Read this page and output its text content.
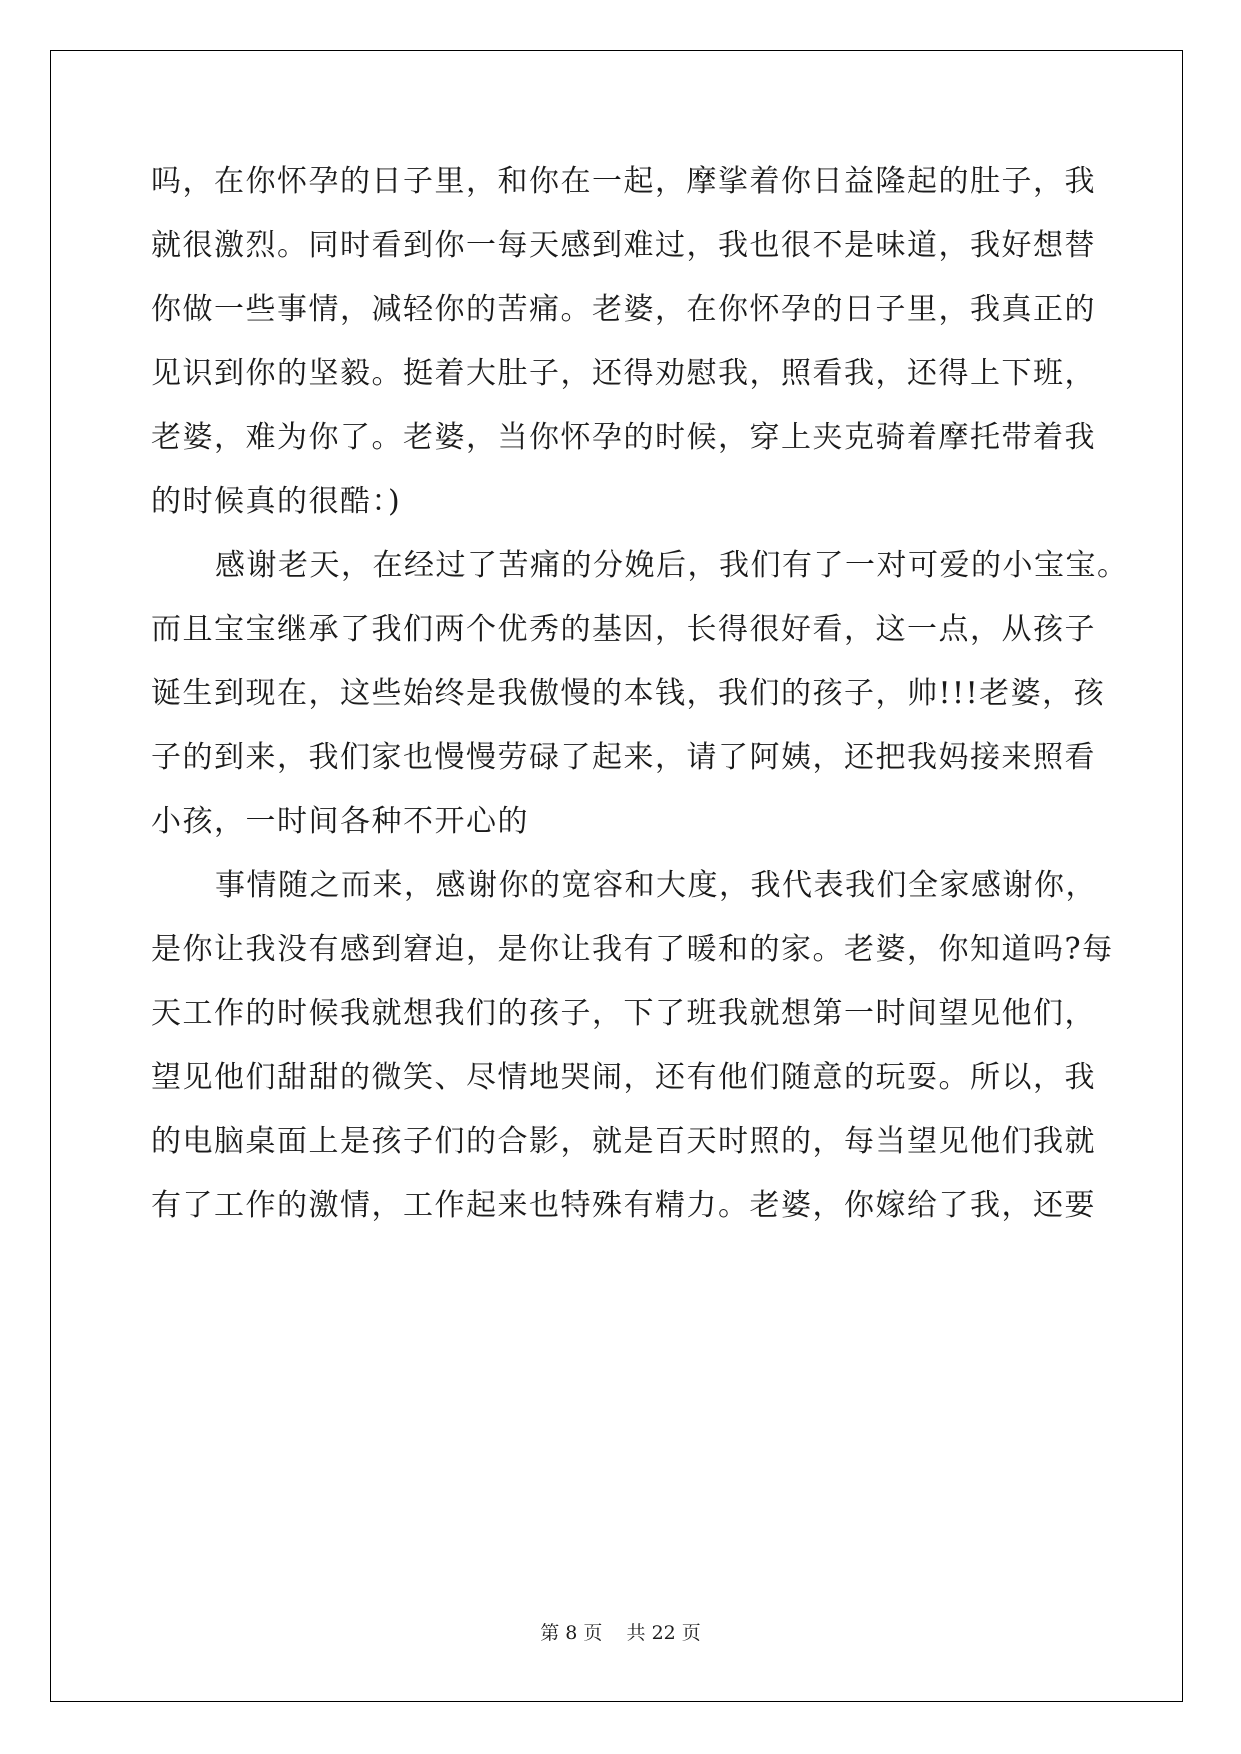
吗，在你怀孕的日子里，和你在一起，摩挲着你日益隆起的肚子，我
就很激烈。同时看到你一每天感到难过，我也很不是味道，我好想替
你做一些事情，减轻你的苦痛。老婆，在你怀孕的日子里，我真正的
见识到你的坚毅。挺着大肚子，还得劝慰我，照看我，还得上下班，
老婆，难为你了。老婆，当你怀孕的时候，穿上夹克骑着摩托带着我
的时候真的很酷：)
感谢老天，在经过了苦痛的分娩后，我们有了一对可爱的小宝宝。
而且宝宝继承了我们两个优秀的基因，长得很好看，这一点，从孩子
诞生到现在，这些始终是我傲慢的本钱，我们的孩子，帅!!!老婆，孩
子的到来，我们家也慢慢劳碌了起来，请了阿姨，还把我妈接来照看
小孩，一时间各种不开心的
事情随之而来，感谢你的宽容和大度，我代表我们全家感谢你，
是你让我没有感到窘迫，是你让我有了暖和的家。老婆，你知道吗?每
天工作的时候我就想我们的孩子，下了班我就想第一时间望见他们，
望见他们甜甜的微笑、尽情地哭闹，还有他们随意的玩耍。所以，我
的电脑桌面上是孩子们的合影，就是百天时照的，每当望见他们我就
有了工作的激情，工作起来也特殊有精力。老婆，你嫁给了我，还要
第 8 页    共 22 页
